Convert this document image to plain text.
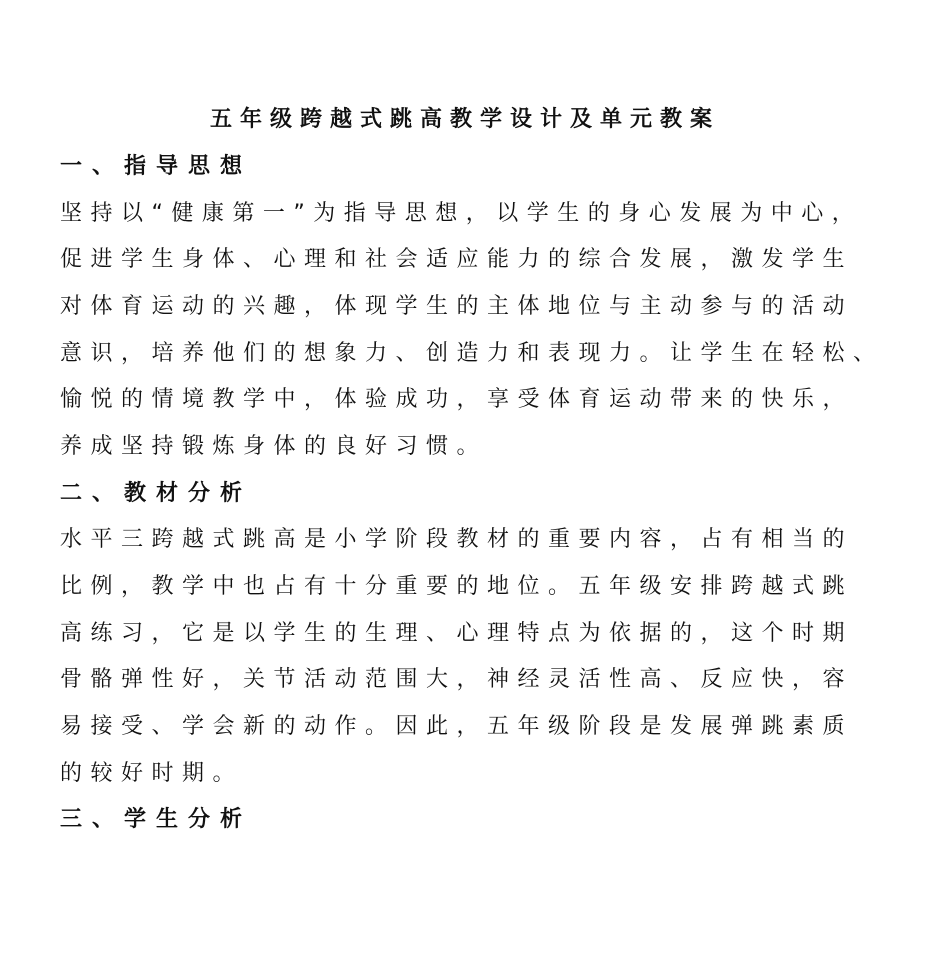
五年级跨越式跳高教学设计及单元教案
一、指导思想
坚持以“健康第一”为指导思想，以学生的身心发展为中心，
促进学生身体、心理和社会适应能力的综合发展，激发学生
对体育运动的兴趣，体现学生的主体地位与主动参与的活动
意识，培养他们的想象力、创造力和表现力。让学生在轻松、
愉悦的情境教学中，体验成功，享受体育运动带来的快乐，
养成坚持锻炼身体的良好习惯。
二、教材分析
水平三跨越式跳高是小学阶段教材的重要内容，占有相当的
比例，教学中也占有十分重要的地位。五年级安排跨越式跳
高练习，它是以学生的生理、心理特点为依据的，这个时期
骨骼弹性好，关节活动范围大，神经灵活性高、反应快，容
易接受、学会新的动作。因此，五年级阶段是发展弹跳素质
的较好时期。
三、学生分析
